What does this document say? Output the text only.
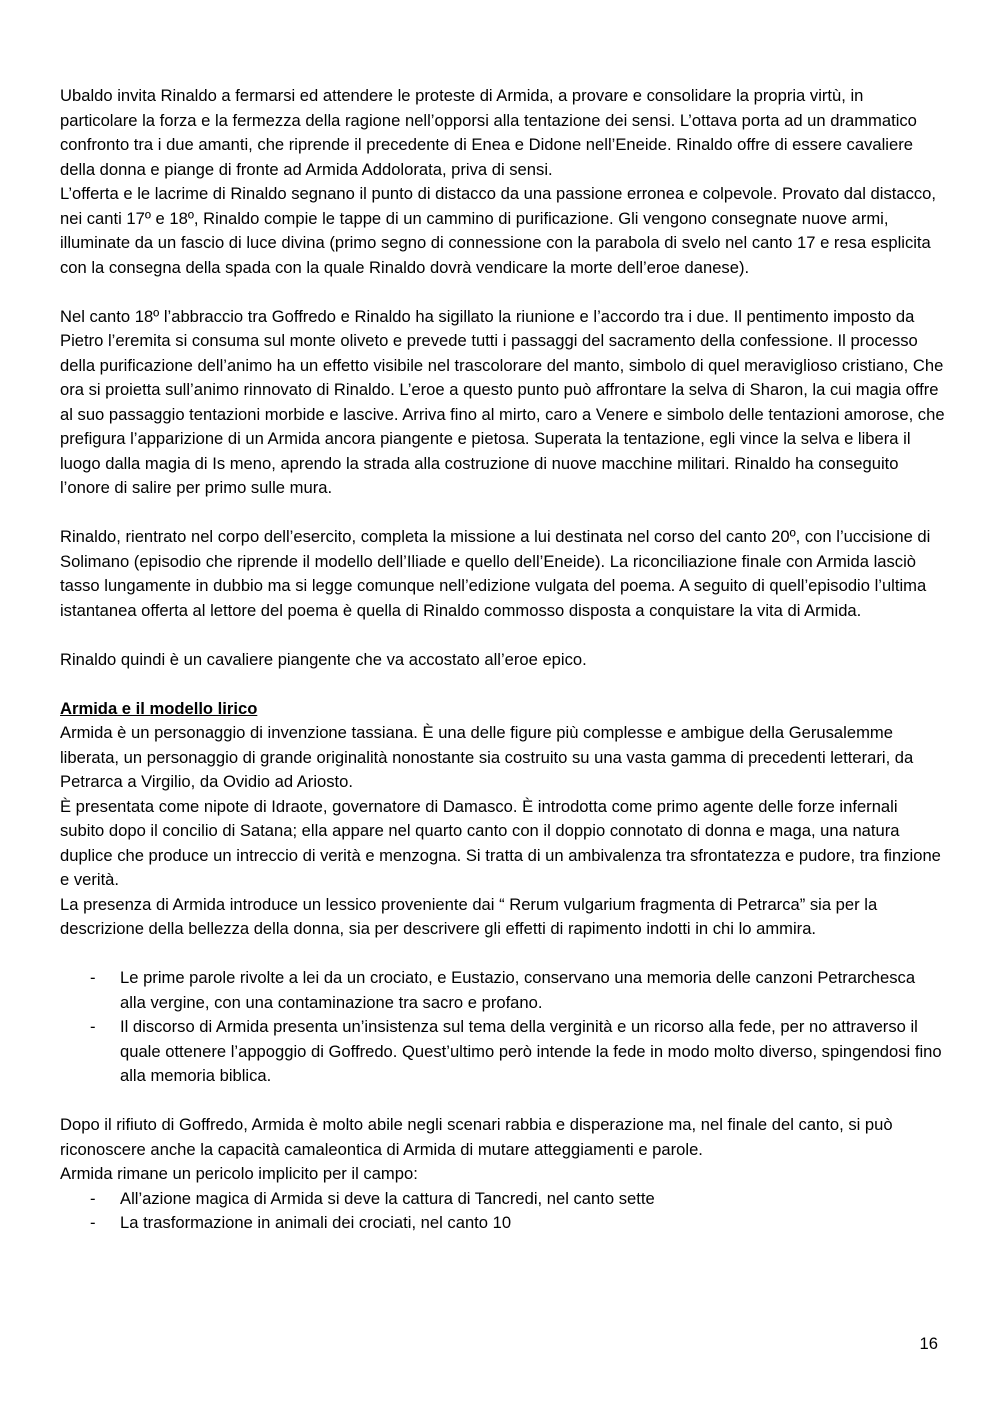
Ubaldo invita Rinaldo a fermarsi ed attendere le proteste di Armida, a provare e consolidare la propria virtù, in particolare la forza e la fermezza della ragione nell’opporsi alla tentazione dei sensi. L’ottava porta ad un drammatico confronto tra i due amanti, che riprende il precedente di Enea e Didone nell’Eneide. Rinaldo offre di essere cavaliere della donna e piange di fronte ad Armida Addolorata, priva di sensi.

L’offerta e le lacrime di Rinaldo segnano il punto di distacco da una passione erronea e colpevole. Provato dal distacco, nei canti 17º e 18º, Rinaldo compie le tappe di un cammino di purificazione. Gli vengono consegnate nuove armi, illuminate da un fascio di luce divina (primo segno di connessione con la parabola di svelo nel canto 17 e resa esplicita con la consegna della spada con la quale Rinaldo dovrà vendicare la morte dell’eroe danese).

Nel canto 18º l’abbraccio tra Goffredo e Rinaldo ha sigillato la riunione e l’accordo tra i due. Il pentimento imposto da Pietro l’eremita si consuma sul monte oliveto e prevede tutti i passaggi del sacramento della confessione. Il processo della purificazione dell’animo ha un effetto visibile nel trascolorare del manto, simbolo di quel meraviglioso cristiano, Che ora si proietta sull’animo rinnovato di Rinaldo. L’eroe a questo punto può affrontare la selva di Sharon, la cui magia offre al suo passaggio tentazioni morbide e lascive. Arriva fino al mirto, caro a Venere e simbolo delle tentazioni amorose, che prefigura l’apparizione di un Armida ancora piangente e pietosa. Superata la tentazione, egli vince la selva e libera il luogo dalla magia di Is meno, aprendo la strada alla costruzione di nuove macchine militari. Rinaldo ha conseguito l’onore di salire per primo sulle mura.

Rinaldo, rientrato nel corpo dell’esercito, completa la missione a lui destinata nel corso del canto 20º, con l’uccisione di Solimano (episodio che riprende il modello dell’Iliade e quello dell’Eneide). La riconciliazione finale con Armida lasciò tasso lungamente in dubbio ma si legge comunque nell’edizione vulgata del poema. A seguito di quell’episodio l’ultima istantanea offerta al lettore del poema è quella di Rinaldo commosso disposta a conquistare la vita di Armida.

Rinaldo quindi è un cavaliere piangente che va accostato all’eroe epico.

Armida e il modello lirico

Armida è un personaggio di invenzione tassiana. È una delle figure più complesse e ambigue della Gerusalemme liberata, un personaggio di grande originalità nonostante sia costruito su una vasta gamma di precedenti letterari, da Petrarca a Virgilio, da Ovidio ad Ariosto.

È presentata come nipote di Idraote, governatore di Damasco. È introdotta come primo agente delle forze infernali subito dopo il concilio di Satana; ella appare nel quarto canto con il doppio connotato di donna e maga, una natura duplice che produce un intreccio di verità e menzogna. Si tratta di un ambivalenza tra sfrontatezza e pudore, tra finzione e verità.

La presenza di Armida introduce un lessico proveniente dai “ Rerum vulgarium fragmenta di Petrarca” sia per la descrizione della bellezza della donna, sia per descrivere gli effetti di rapimento indotti in chi lo ammira.

- Le prime parole rivolte a lei da un crociato, e Eustazio, conservano una memoria delle canzoni Petrarchesca alla vergine, con una contaminazione tra sacro e profano.
- Il discorso di Armida presenta un’insistenza sul tema della verginità e un ricorso alla fede, per no attraverso il quale ottenere l’appoggio di Goffredo. Quest’ultimo però intende la fede in modo molto diverso, spingendosi fino alla memoria biblica.

Dopo il rifiuto di Goffredo, Armida è molto abile negli scenari rabbia e disperazione ma, nel finale del canto, si può riconoscere anche la capacità camaleontica di Armida di mutare atteggiamenti e parole.

Armida rimane un pericolo implicito per il campo:

- All’azione magica di Armida si deve la cattura di Tancredi, nel canto sette
- La trasformazione in animali dei crociati, nel canto 10
16
